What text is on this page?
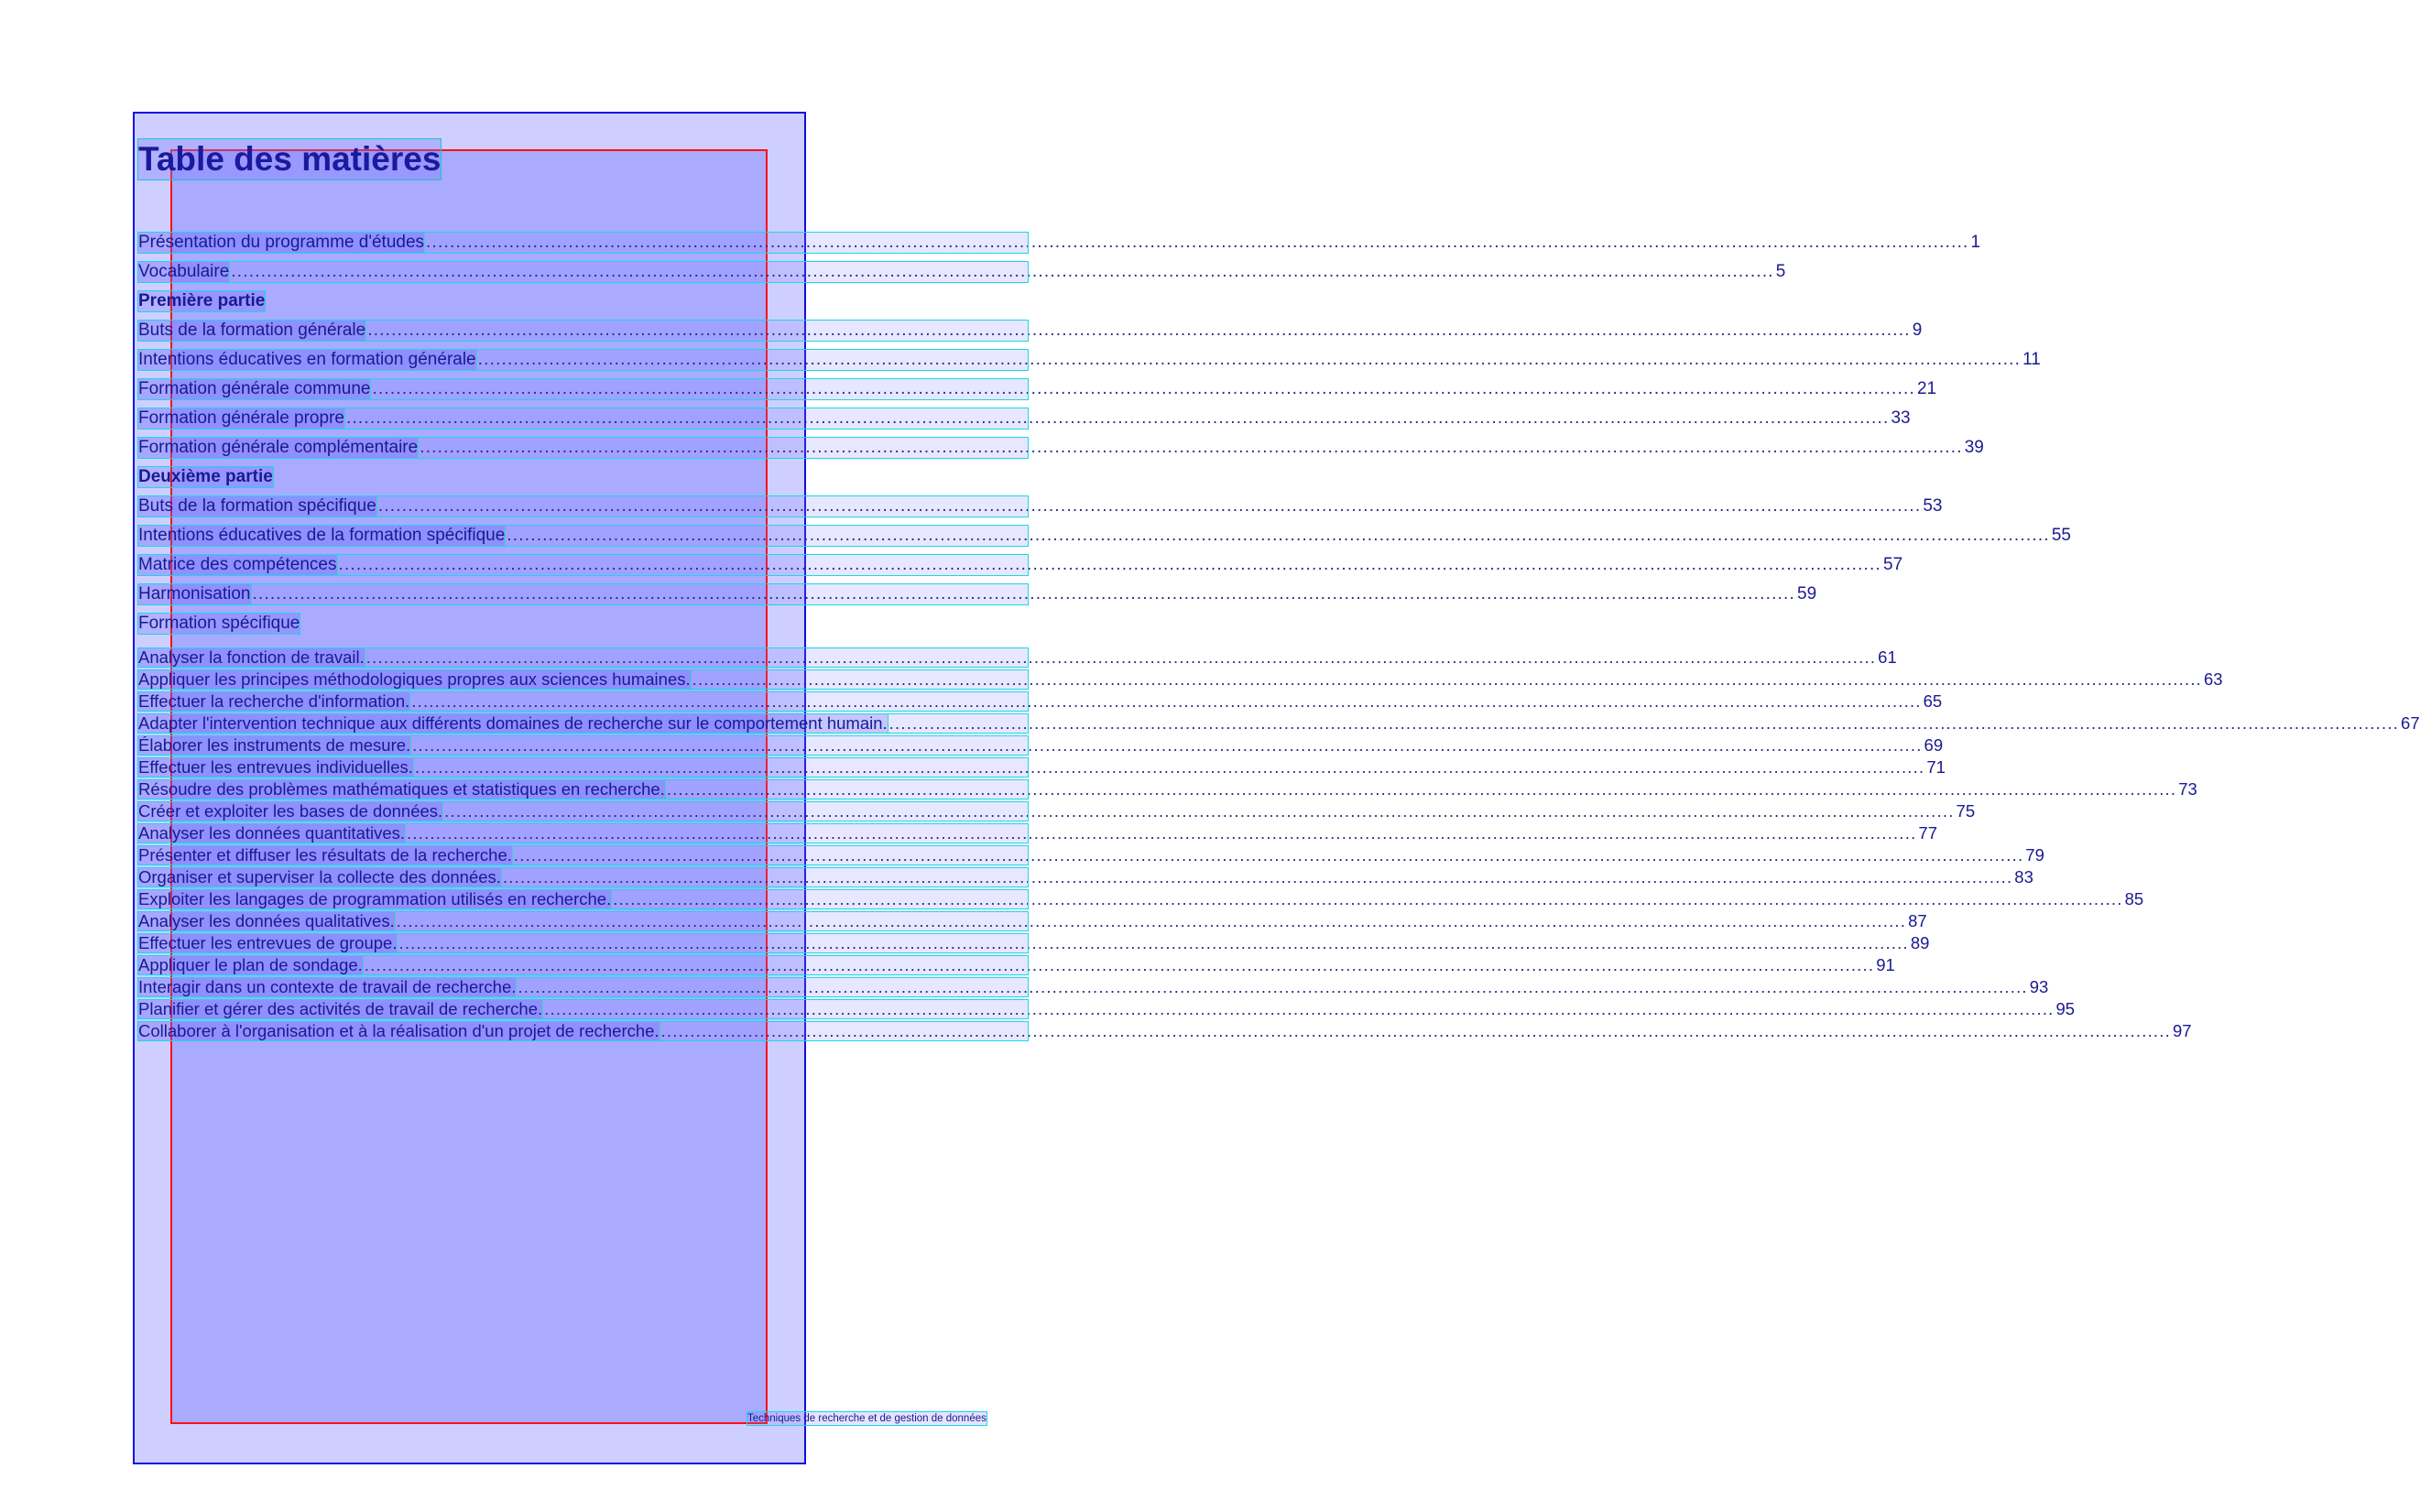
Table des matières
Présentation du programme d'études .................................................................................................................................................................................................................................................................... 1
Vocabulaire .................................................................................................................................................................................................................................................................... 5
Première partie
Buts de la formation générale .................................................................................................................................................................................................................................................................... 9
Intentions éducatives en formation générale .................................................................................................................................................................................................................................................................... 11
Formation générale commune .................................................................................................................................................................................................................................................................... 21
Formation générale propre .................................................................................................................................................................................................................................................................... 33
Formation générale complémentaire .................................................................................................................................................................................................................................................................... 39
Deuxième partie
Buts de la formation spécifique .................................................................................................................................................................................................................................................................... 53
Intentions éducatives de la formation spécifique .................................................................................................................................................................................................................................................................... 55
Matrice des compétences .................................................................................................................................................................................................................................................................... 57
Harmonisation .................................................................................................................................................................................................................................................................... 59
Formation spécifique
Analyser la fonction de travail. .................................................................................................................................................................................................................................................................... 61
Appliquer les principes méthodologiques propres aux sciences humaines. .................................................................................................................................................................................................................................................................... 63
Effectuer la recherche d'information. .................................................................................................................................................................................................................................................................... 65
Adapter l'intervention technique aux différents domaines de recherche sur le comportement humain. .................................................................................................................................................................................................................................................................... 67
Élaborer les instruments de mesure. .................................................................................................................................................................................................................................................................... 69
Effectuer les entrevues individuelles. .................................................................................................................................................................................................................................................................... 71
Résoudre des problèmes mathématiques et statistiques en recherche. .................................................................................................................................................................................................................................................................... 73
Créer et exploiter les bases de données. .................................................................................................................................................................................................................................................................... 75
Analyser les données quantitatives. .................................................................................................................................................................................................................................................................... 77
Présenter et diffuser les résultats de la recherche. .................................................................................................................................................................................................................................................................... 79
Organiser et superviser la collecte des données. .................................................................................................................................................................................................................................................................... 83
Exploiter les langages de programmation utilisés en recherche. .................................................................................................................................................................................................................................................................... 85
Analyser les données qualitatives. .................................................................................................................................................................................................................................................................... 87
Effectuer les entrevues de groupe. .................................................................................................................................................................................................................................................................... 89
Appliquer le plan de sondage. .................................................................................................................................................................................................................................................................... 91
Interagir dans un contexte de travail de recherche. .................................................................................................................................................................................................................................................................... 93
Planifier et gérer des activités de travail de recherche. .................................................................................................................................................................................................................................................................... 95
Collaborer à l'organisation et à la réalisation d'un projet de recherche. .................................................................................................................................................................................................................................................................... 97
Techniques de recherche et de gestion de données
